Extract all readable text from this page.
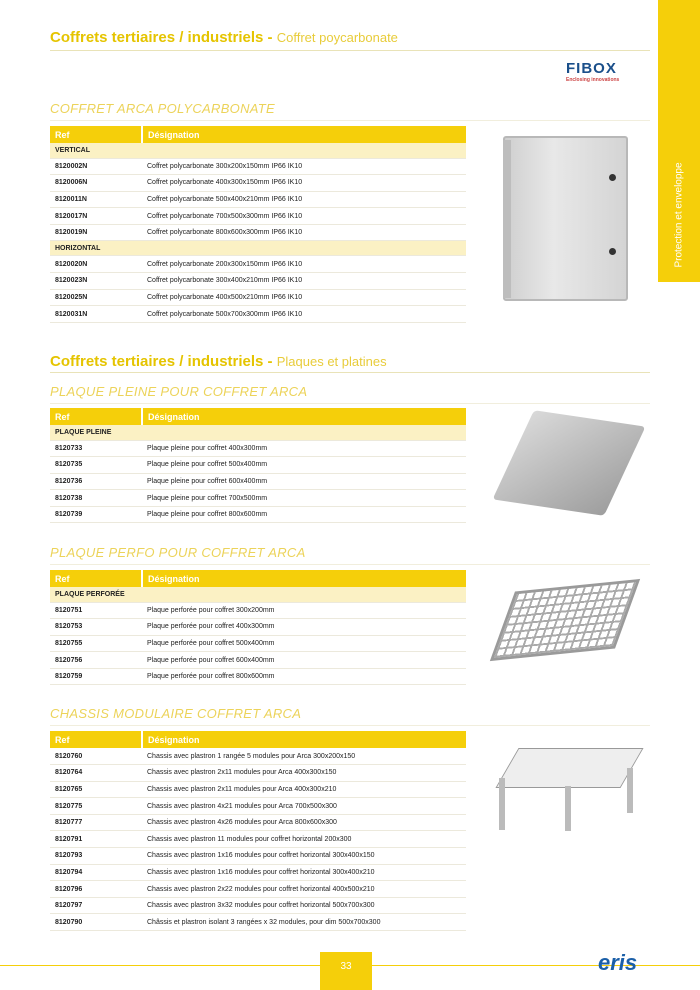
Protection et enveloppe
Coffrets tertiaires / industriels - Coffret poycarbonate
FIBOX
Enclosing innovations
Coffrets tertiaires / industriels - Plaques et platines
COFFRET ARCA POLYCARBONATE
Ref	Désignation
VERTICAL	
8120002N	Coffret polycarbonate 300x200x150mm IP66 IK10
8120006N	Coffret polycarbonate 400x300x150mm IP66 IK10
8120011N	Coffret polycarbonate 500x400x210mm IP66 IK10
8120017N	Coffret polycarbonate 700x500x300mm IP66 IK10
8120019N	Coffret polycarbonate 800x600x300mm IP66 IK10
HORIZONTAL	
8120020N	Coffret polycarbonate 200x300x150mm IP66 IK10
8120023N	Coffret polycarbonate 300x400x210mm IP66 IK10
8120025N	Coffret polycarbonate 400x500x210mm IP66 IK10
8120031N	Coffret polycarbonate 500x700x300mm IP66 IK10
PLAQUE PLEINE POUR COFFRET ARCA
Ref	Désignation
PLAQUE PLEINE	
8120733	Plaque pleine pour coffret 400x300mm
8120735	Plaque pleine pour coffret 500x400mm
8120736	Plaque pleine pour coffret 600x400mm
8120738	Plaque pleine pour coffret 700x500mm
8120739	Plaque pleine pour coffret 800x600mm
PLAQUE PERFO POUR COFFRET ARCA
Ref	Désignation
PLAQUE PERFORÉE	
8120751	Plaque perforée pour coffret 300x200mm
8120753	Plaque perforée pour coffret 400x300mm
8120755	Plaque perforée pour coffret 500x400mm
8120756	Plaque perforée pour coffret 600x400mm
8120759	Plaque perforée pour coffret 800x600mm
CHASSIS MODULAIRE COFFRET ARCA
Ref	Désignation
8120760	Chassis avec plastron 1 rangée 5 modules pour Arca 300x200x150
8120764	Chassis avec plastron 2x11 modules pour Arca 400x300x150
8120765	Chassis avec plastron 2x11 modules pour Arca 400x300x210
8120775	Chassis avec plastron 4x21 modules pour Arca 700x500x300
8120777	Chassis avec plastron 4x26 modules pour Arca 800x600x300
8120791	Chassis avec plastron 11 modules pour coffret horizontal 200x300
8120793	Chassis avec plastron 1x16 modules pour coffret horizontal 300x400x150
8120794	Chassis avec plastron 1x16 modules pour coffret horizontal 300x400x210
8120796	Chassis avec plastron 2x22 modules pour coffret horizontal 400x500x210
8120797	Chassis avec plastron 3x32 modules pour coffret horizontal 500x700x300
8120790	Châssis et plastron isolant 3 rangées x 32 modules, pour dim 500x700x300
33	eris
